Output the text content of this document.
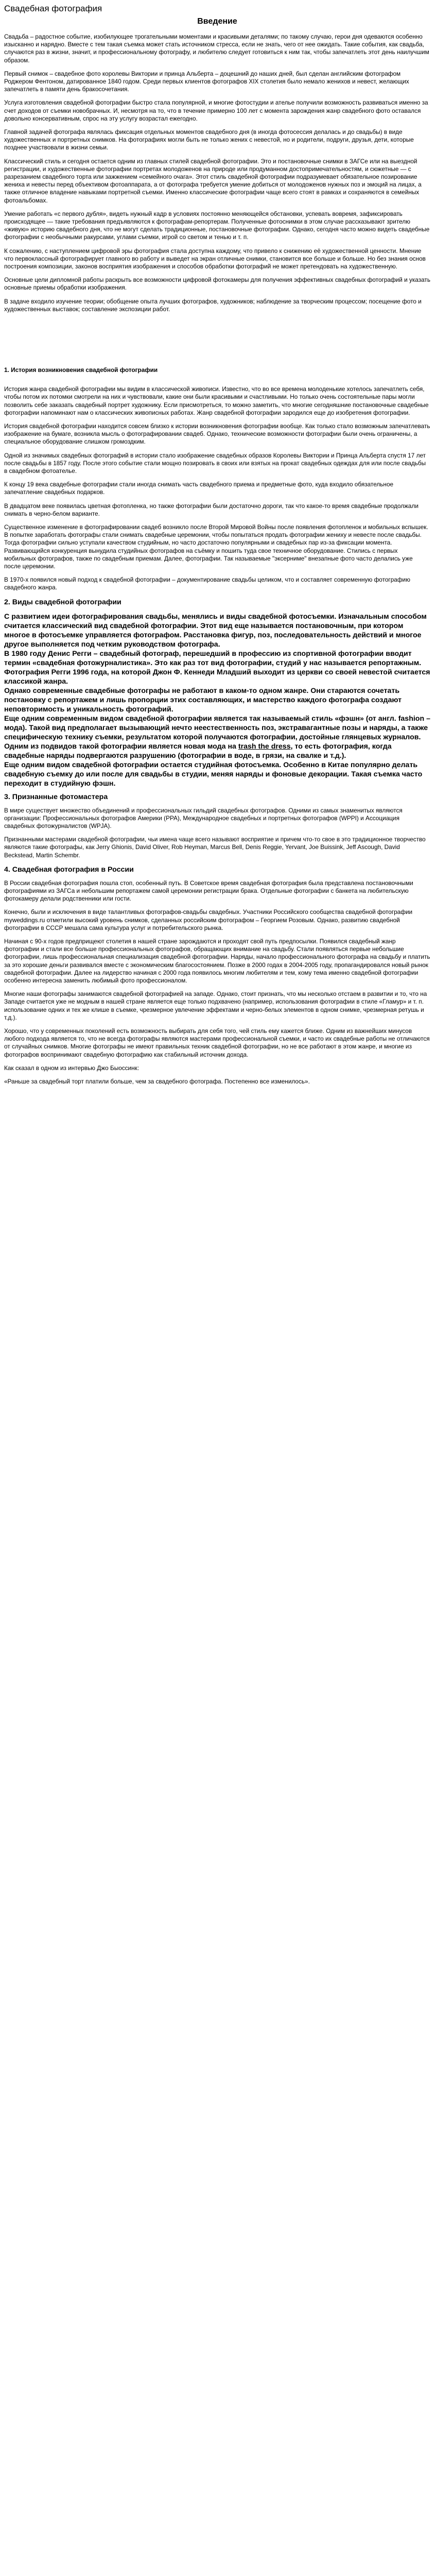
Свадебная фотография
Введение

Свадьба – радостное событие, изобилующее трогательными моментами и красивыми деталями; по такому случаю, герои дня одеваются особенно изысканно и нарядно. Вместе с тем такая съемка может стать источником стресса, если не знать, чего от нее ожидать. Такие события, как свадьба, случаются раз в жизни, значит, и профессиональному фотографу, и любителю следует готовиться к ним так, чтобы запечатлеть этот день наилучшим образом.

Первый снимок – свадебное фото королевы Виктории и принца Альберта – доцешний до наших дней, был сделан английским фотографом Роджером Фентоном, датированное 1840 годом. Среди первых клиентов фотографов XIX столетия было немало женихов и невест, желающих запечатлеть в памяти день бракосочетания.

Услуга изготовления свадебной фотографии быстро стала популярной, и многие фотостудии и ателье получили возможность развиваться именно за счет доходов от съемки новобрачных. И, несмотря на то, что в течение примерно 100 лет с момента зарождения жанр свадебного фото оставался довольно консервативным, спрос на эту услугу возрастал ежегодно.

Главной задачей фотографа являлась фиксация отдельных моментов свадебного дня (в иногда фотосессия делалась и до свадьбы) в виде художественных и портретных снимков. На фотографиях могли быть не только жених с невестой, но и родители, подруги, друзья, дети, которые позднее участвовали в жизни семьи.

Классический стиль и сегодня остается одним из главных стилей свадебной фотографии. Это и постановочные снимки в ЗАГСе или на выездной регистрации, и художественные фотографии портретах молодоженов на природе или продуманном достопримечательностям, и сюжетные — с разрезанием свадебного торта или зажжением «семейного очага». Этот стиль свадебной фотографии подразумевает обязательное позирование жениха и невесты перед объективом фотоаппарата, а от фотографа требуется умение добиться от молодоженов нужных поз и эмоций на лицах, а также отличное владение навыками портретной съемки. Именно классические фотографии чаще всего стоят в рамках и сохраняются в семейных фотоальбомах.

Умение работать «с первого дубля», видеть нужный кадр в условиях постоянно меняющейся обстановки, успевать вовремя, зафиксировать происходящее — такие требования предъявляются к фотографам-репортерам. Полученные фотоснимки в этом случае рассказывают зрителю «живую» историю свадебного дня, что не могут сделать традиционные, постановочные фотографии. Однако, сегодня часто можно видеть свадебные фотографии с необычными ракурсами, углами съемки, игрой со светом и тенью и т. п.

К сожалению, с наступлением цифровой эры фотография стала доступна каждому, что привело к снижению её художественной ценности. Мнение что первоклассный фотографирует главного во работу и выведет на экран отличные снимки, становится все больше и больше. Но без знания основ построения композиции, законов восприятия изображения и способов обработки фотографий не может претендовать на художественную.

Основные цели дипломной работы раскрыть все возможности цифровой фотокамеры для получения эффективных свадебных фотографий и указать основные приемы обработки изображения.

В задаче входило изучение теории; обобщение опыта лучших фотографов, художников; наблюдение за творческим процессом; посещение фото и художественных выставок; составление экспозиции работ.

1. История возникновения свадебной фотографии

История жанра свадебной фотографии мы видим в классической живописи. Известно, что во все времена молоденькие хотелось запечатлеть себя, чтобы потом их потомки смотрели на них и чувствовали, какие они были красивыми и счастливыми. Но только очень состоятельные пары могли позволить себе заказать свадебный портрет художнику. Если присмотреться, то можно заметить, что многие сегодняшние постановочные свадебные фотографии напоминают нам о классических живописных работах. Жанр свадебной фотографии зародился еще до изобретения фотографии.

История свадебной фотографии находится совсем близко к истории возникновения фотографии вообще. Как только стало возможным запечатлевать изображение на бумаге, возникла мысль о фотографировании свадеб. Однако, технические возможности фотографии были очень ограничены, а специальное оборудование слишком громоздким.

Одной из значимых свадебных фотографий в истории стало изображение свадебных образов Королевы Виктории и Принца Альберта спустя 17 лет после свадьбы в 1857 году. После этого событие стали мощно позировать в своих или взятых на прокат свадебных одеждах для или после свадьбы в свадебном фотоателье.

К концу 19 века свадебные фотографии стали иногда снимать часть свадебного приема и предметные фото, куда входило обязательное запечатление свадебных подарков.

В двадцатом веке появилась цветная фотопленка, но также фотографии были достаточно дороги, так что какое-то время свадебные продолжали снимать в черно-белом варианте.

Существенное изменение в фотографировании свадеб возникло после Второй Мировой Войны после появления фотопленок и мобильных вспышек. В попытке заработать фотографы стали снимать свадебные церемонии, чтобы попытаться продать фотографии жениху и невесте после свадьбы. Тогда фотографии сильно уступали качеством студийным, но часто достаточно популярными и свадебных пар из-за фиксации момента. Развивающийся конкуренция вынудила студийных фотографов на съёмку и пошить туда свое техничное оборудование. Стились с первых мобильных фотографов, также по свадебным приемам. Далее, фотографии. Так называемые "эксерниме" внезапные фото часто делались уже после церемонии.

В 1970-х появился новый подход к свадебной фотографии – документирование свадьбы целиком, что и составляет современную фотографию свадебного жанра.

2. Виды свадебной фотографии

С развитием идеи фотографирования свадьбы, менялись и виды свадебной фотосъемки. Изначальным способом считается классический вид свадебной фотографии. Этот вид еще называется постановочным, при котором многое в фотосъемке управляется фотографом. Расстановка фигур, поз, последовательность действий и многое другое выполняется под четким руководством фотографа.

В 1980 году Денис Регги – свадебный фотограф, перешедший в профессию из спортивной фотографии вводит термин «свадебная фотожурналистика». Это как раз тот вид фотографии, студий у нас называется репортажным. Фотография Регги 1996 года, на которой Джон Ф. Кеннеди Младший выходит из церкви со своей невестой считается классикой жанра.

Однако современные свадебные фотографы не работают в каком-то одном жанре. Они стараются сочетать постановку с репортажем и лишь пропорции этих составляющих, и мастерство каждого фотографа создают неповторимость и уникальность фотографий.

Еще одним современным видом свадебной фотографии является так называемый стиль «фэшн» (от англ. fashion – мода). Такой вид предполагает вызывающий нечто неестественность поз, экстравагантные позы и наряды, а также специфическую технику съемки, результатом которой получаются фотографии, достойные глянцевых журналов. Одним из подвидов такой фотографии является новая мода на trash the dress, то есть фотография, когда свадебные наряды подвергаются разрушению (фотографии в воде, в грязи, на свалке и т.д.).

Еще одним видом свадебной фотографии остается студийная фотосъемка. Особенно в Китае популярно делать свадебную съемку до или после для свадьбы в студии, меняя наряды и фоновые декорации. Такая съемка часто переходит в студийную фэшн.

3. Признанные фотомастера

В мире существует множество объединений и профессиональных гильдий свадебных фотографов. Одними из самых знаменитых являются организации: Профессиональных фотографов Америки (PPA), Международное свадебных и портретных фотографов (WPPI) и Ассоциация свадебных фотожурналистов (WPJA).

Признанными мастерами свадебной фотографии, чьи имена чаще всего называют восприятие и причем что-то свое в это традиционное творчество являются такие фотографы, как Jerry Ghionis, David Oliver, Rob Heyman, Marcus Bell, Denis Reggie, Yervant, Joe Buissink, Jeff Ascough, David Beckstead, Martin Schembr.

4. Свадебная фотография в России

В России свадебная фотография пошла стоп, особенный путь. В Советское время свадебная фотография была представлена постановочными фотографиями из ЗАГСа и небольшим репортажем самой церемонии регистрации брака. Отдельные фотографии с банкета на любительскую фотокамеру делали родственники или гости.

Конечно, были и исключения в виде талантливых фотографов-свадьбы свадебных. Участники Российского сообщества свадебной фотографии myweddings.ru отметили высокий уровень снимков, сделанных российским фотографом – Георгием Розовым. Однако, развитию свадебной фотографии в СССР мешала сама культура услуг и потребительского рынка.

Начиная с 90-х годов предприщеют столетия в нашей стране зарождаются и проходят свой путь предпосылки. Появился свадебный жанр фотографии и стали все больше профессиональных фотографов, обращающих внимание на свадьбу. Стали появляться первые небольшие фотографии, лишь профессиональная специализация свадебной фотографии. Наряды, начало профессионального фотографа на свадьбу и платить за это хорошие деньги развивался вместе с экономическим благосостоянием. Позже в 2000 годах в 2004-2005 году, пропагандировался новый рынок свадебной фотографии. Далее на лидерство начиная с 2000 года появилось многим любителям и тем, кому тема именно свадебной фотографии особенно интересна заменить любимый фото профессионалом.

Многие наши фотографы занимаются свадебной фотографией на западе. Однако, стоит признать, что мы несколько отстаем в развитии и то, что на Западе считается уже не модным в нашей стране является еще только подхвачено (например, использования фотографии в стиле «Гламур» и т. п. использование одних и тех же клише в съемке, чрезмерное увлечение эффектами и черно-белых элементов в одном снимке, чрезмерная ретушь и т.д.).

Хорошо, что у современных поколений есть возможность выбирать для себя того, чей стиль ему кажется ближе. Одним из важнейших минусов любого подхода является то, что не всегда фотографы являются мастерами профессиональной съемки, и часто их свадебные работы не отличаются от случайных снимков. Многие фотографы не имеют правильных техник свадебной фотографии, но не все работают в этом жанре, и многие из фотографов воспринимают свадебную фотографию как стабильный источник дохода.

Как сказал в одном из интервью Джо Быоссинк:

«Раньше за свадебный торт платили больше, чем за свадебного фотографа. Постепенно все изменилось».
